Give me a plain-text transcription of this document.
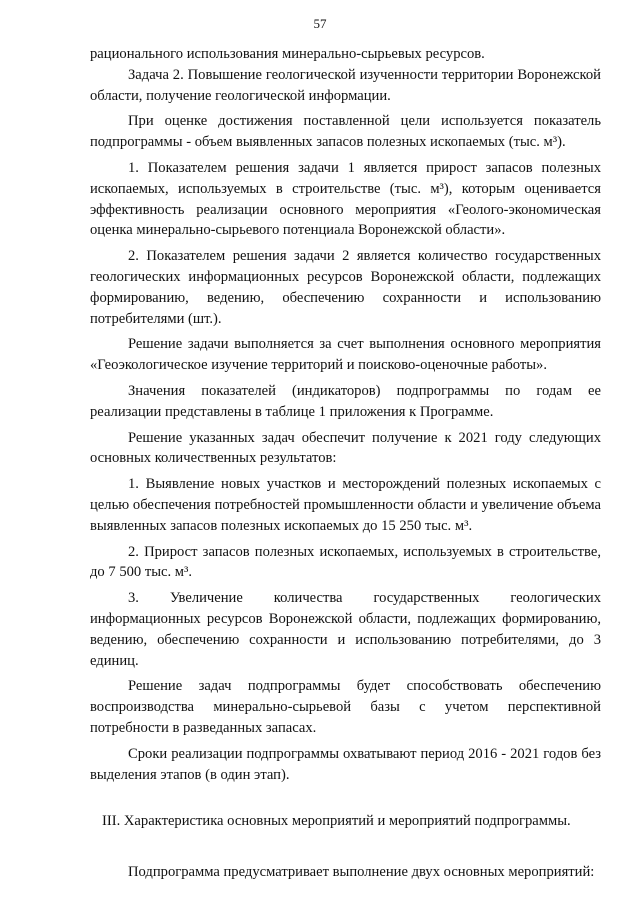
57

рационального использования минерально-сырьевых ресурсов.

Задача 2. Повышение геологической изученности территории Воронежской области, получение геологической информации.

При оценке достижения поставленной цели используется показатель подпрограммы - объем выявленных запасов полезных ископаемых (тыс. м³).

1. Показателем решения задачи 1 является прирост запасов полезных ископаемых, используемых в строительстве (тыс. м³), которым оценивается эффективность реализации основного мероприятия «Геолого-экономическая оценка минерально-сырьевого потенциала Воронежской области».

2. Показателем решения задачи 2 является количество государственных геологических информационных ресурсов Воронежской области, подлежащих формированию, ведению, обеспечению сохранности и использованию потребителями (шт.).

Решение задачи выполняется за счет выполнения основного мероприятия «Геоэкологическое изучение территорий и поисково-оценочные работы».

Значения показателей (индикаторов) подпрограммы по годам ее реализации представлены в таблице 1 приложения к Программе.

Решение указанных задач обеспечит получение к 2021 году следующих основных количественных результатов:

1. Выявление новых участков и месторождений полезных ископаемых с целью обеспечения потребностей промышленности области и увеличение объема выявленных запасов полезных ископаемых до 15 250 тыс. м³.

2. Прирост запасов полезных ископаемых, используемых в строительстве, до 7 500 тыс. м³.

3. Увеличение количества государственных геологических информационных ресурсов Воронежской области, подлежащих формированию, ведению, обеспечению сохранности и использованию потребителями, до 3 единиц.

Решение задач подпрограммы будет способствовать обеспечению воспроизводства минерально-сырьевой базы с учетом перспективной потребности в разведанных запасах.

Сроки реализации подпрограммы охватывают период 2016 - 2021 годов без выделения этапов (в один этап).

III. Характеристика основных мероприятий и мероприятий подпрограммы.

Подпрограмма предусматривает выполнение двух основных мероприятий:
